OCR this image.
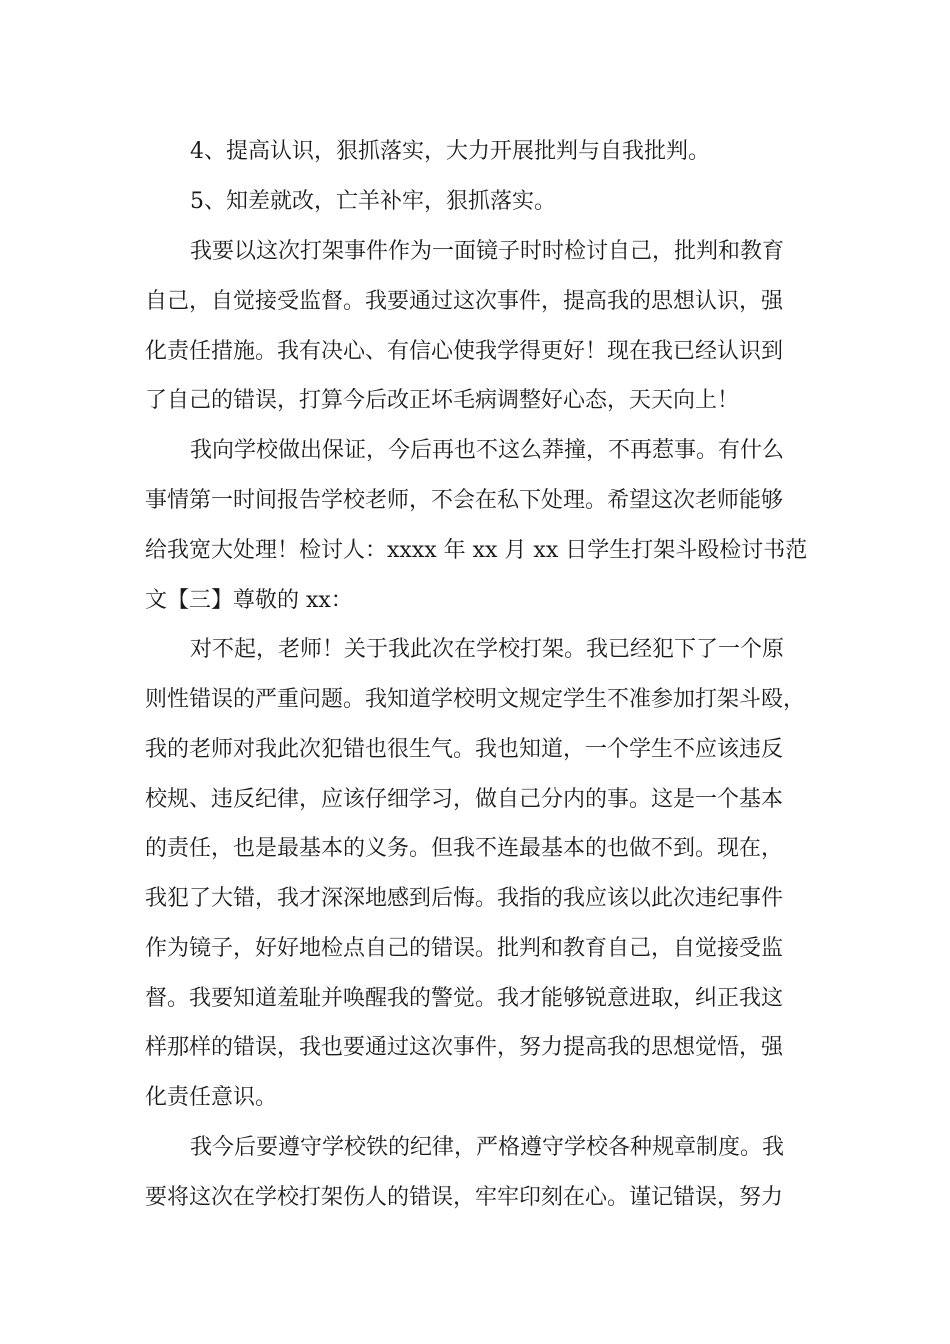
4、提高认识，狠抓落实，大力开展批判与自我批判。
5、知差就改，亡羊补牢，狠抓落实。
我要以这次打架事件作为一面镜子时时检讨自己，批判和教育
自己，自觉接受监督。我要通过这次事件，提高我的思想认识，强
化责任措施。我有决心、有信心使我学得更好！现在我已经认识到
了自己的错误，打算今后改正坏毛病调整好心态，天天向上！
我向学校做出保证，今后再也不这么莽撞，不再惹事。有什么
事情第一时间报告学校老师，不会在私下处理。希望这次老师能够
给我宽大处理！检讨人：xxxx 年 xx 月 xx 日学生打架斗殴检讨书范
文【三】尊敬的 xx：
对不起，老师！关于我此次在学校打架。我已经犯下了一个原
则性错误的严重问题。我知道学校明文规定学生不准参加打架斗殴，
我的老师对我此次犯错也很生气。我也知道，一个学生不应该违反
校规、违反纪律，应该仔细学习，做自己分内的事。这是一个基本
的责任，也是最基本的义务。但我不连最基本的也做不到。现在，
我犯了大错，我才深深地感到后悔。我指的我应该以此次违纪事件
作为镜子，好好地检点自己的错误。批判和教育自己，自觉接受监
督。我要知道羞耻并唤醒我的警觉。我才能够锐意进取，纠正我这
样那样的错误，我也要通过这次事件，努力提高我的思想觉悟，强
化责任意识。
我今后要遵守学校铁的纪律，严格遵守学校各种规章制度。我
要将这次在学校打架伤人的错误，牢牢印刻在心。谨记错误，努力
